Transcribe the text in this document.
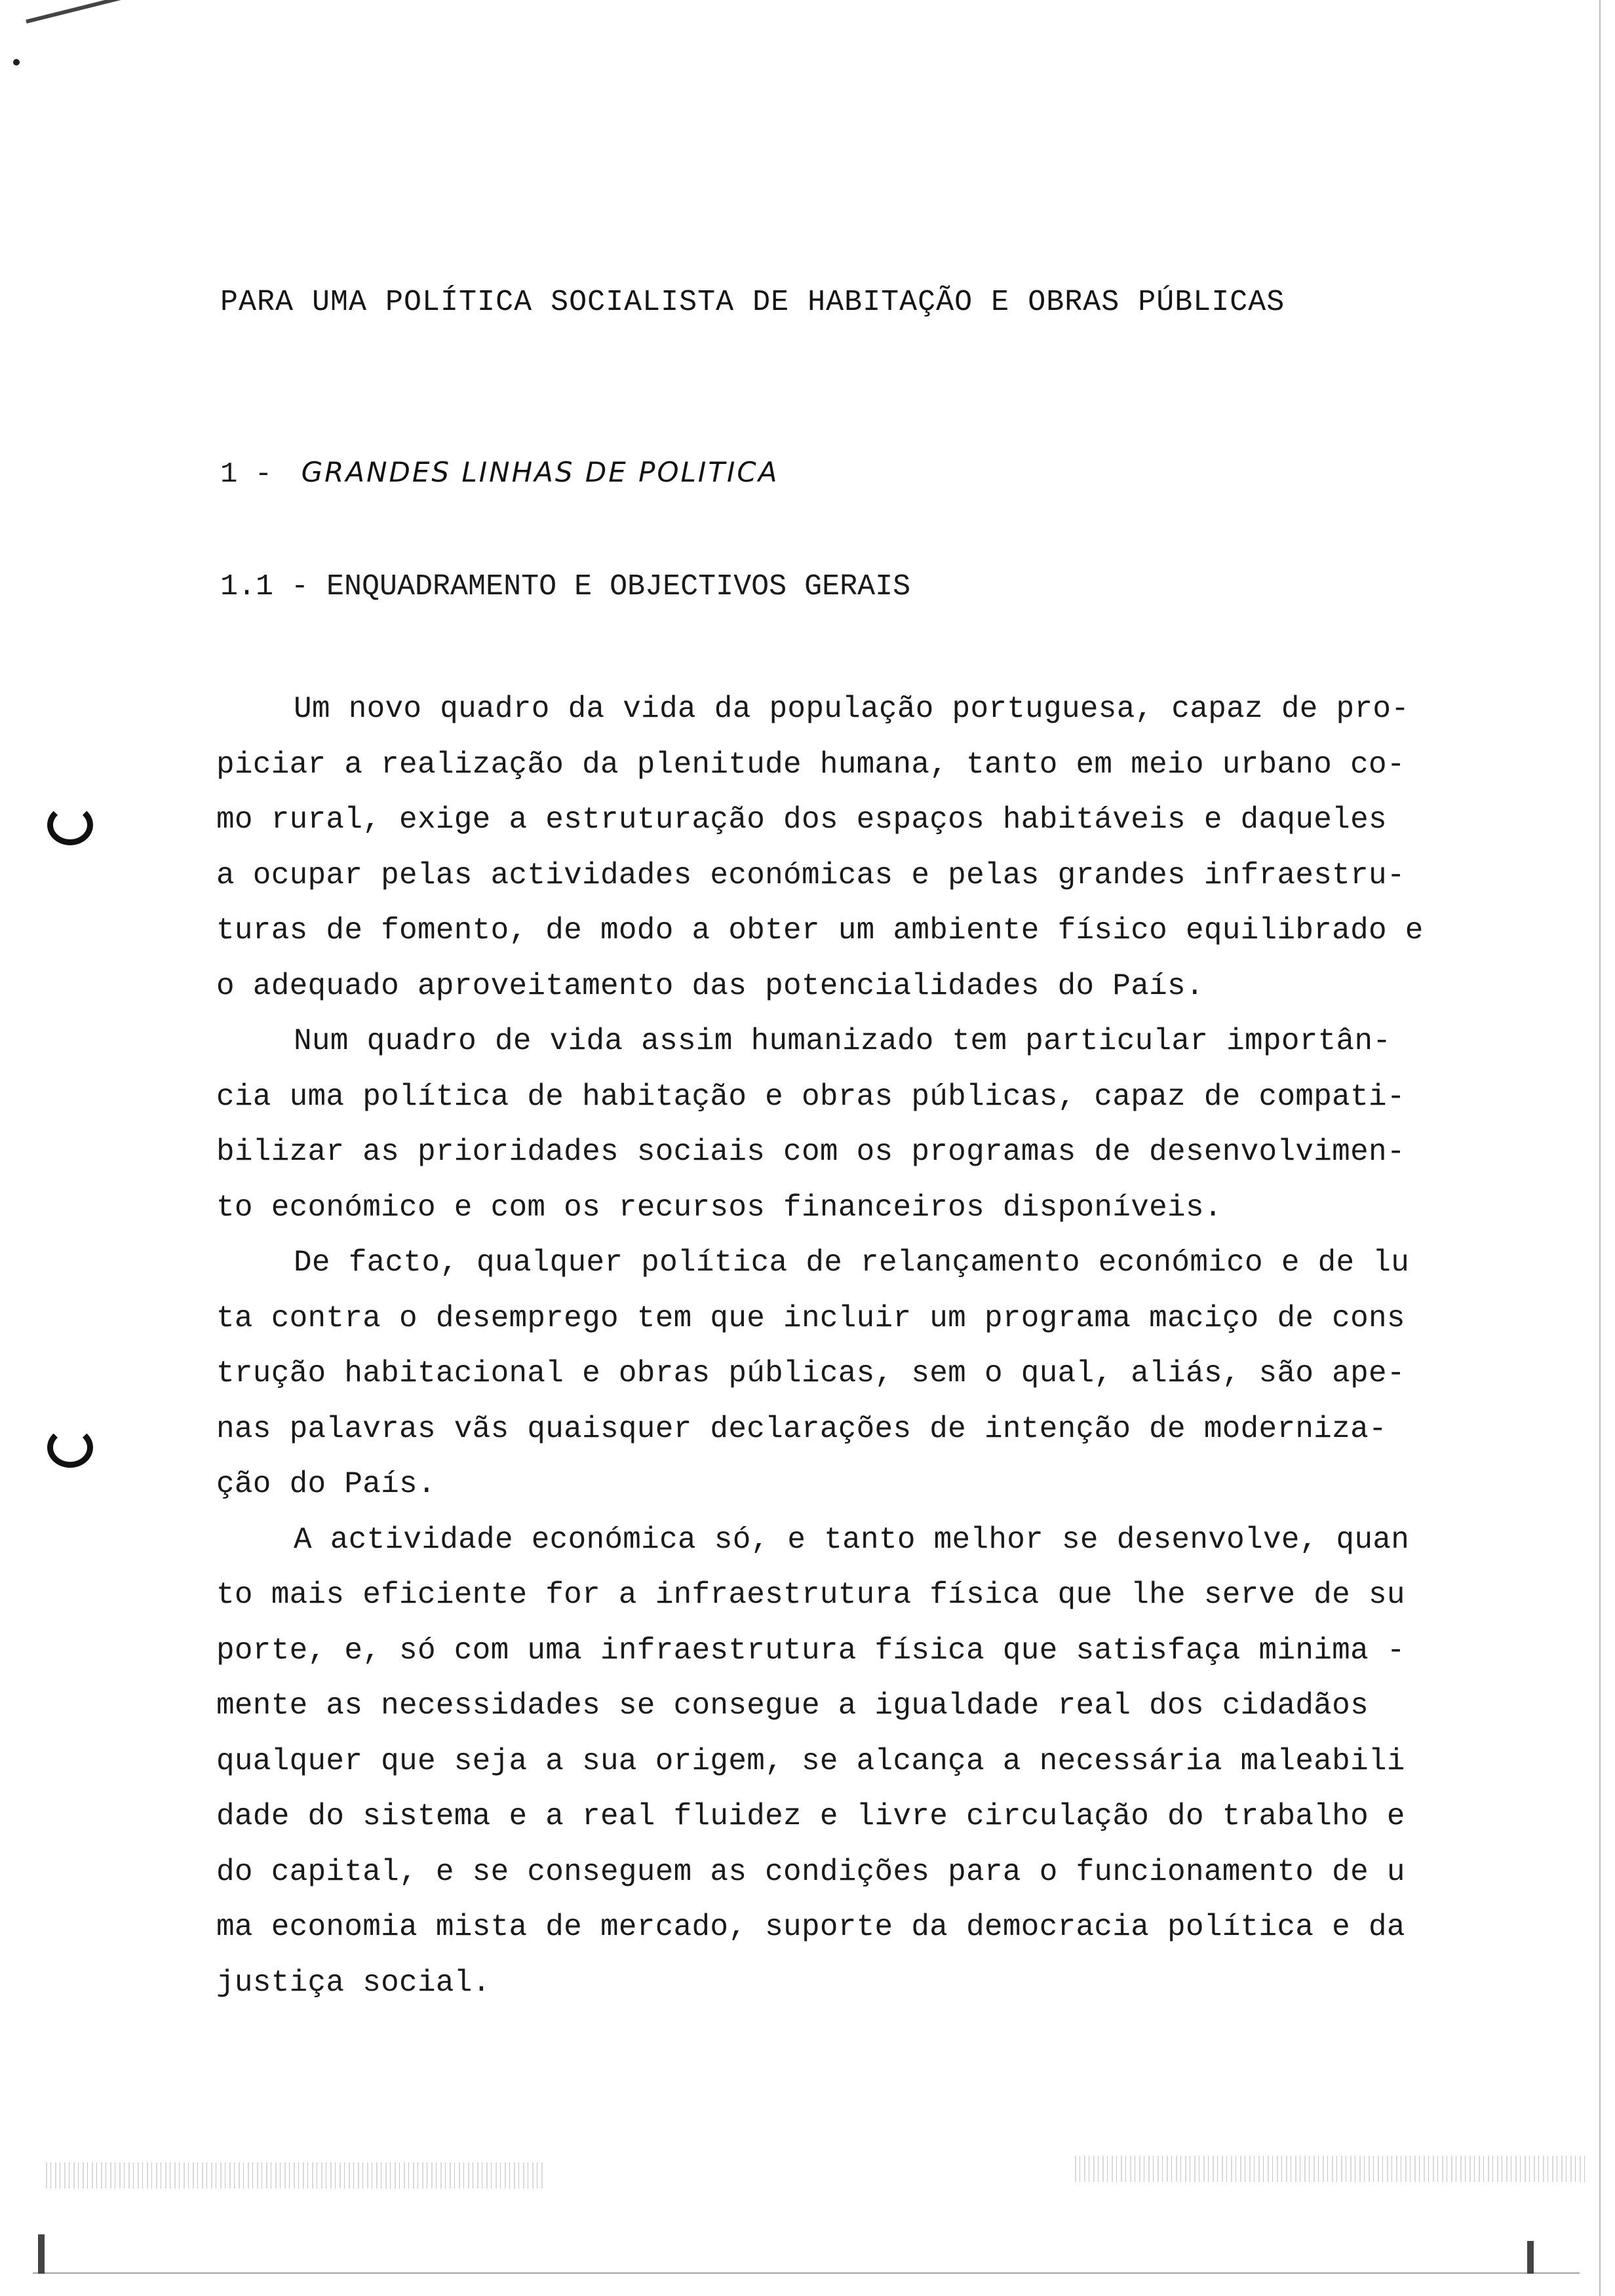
PARA UMA POLÍTICA SOCIALISTA DE HABITAÇÃO E OBRAS PÚBLICAS
1 - GRANDES LINHAS DE POLITICA
1.1 - ENQUADRAMENTO E OBJECTIVOS GERAIS
Um novo quadro da vida da população portuguesa, capaz de pro-
piciar a realização da plenitude humana, tanto em meio urbano co-
mo rural, exige a estruturação dos espaços habitáveis e daqueles
a ocupar pelas actividades económicas e pelas grandes infraestru-
turas de fomento, de modo a obter um ambiente físico equilibrado e
o adequado aproveitamento das potencialidades do País.
Num quadro de vida assim humanizado tem particular importân-
cia uma política de habitação e obras públicas, capaz de compati-
bilizar as prioridades sociais com os programas de desenvolvimen-
to económico e com os recursos financeiros disponíveis.
De facto, qualquer política de relançamento económico e de lu
ta contra o desemprego tem que incluir um programa maciço de cons
trução habitacional e obras públicas, sem o qual, aliás, são ape-
nas palavras vãs quaisquer declarações de intenção de moderniza-
ção do País.
A actividade económica só, e tanto melhor se desenvolve, quan
to mais eficiente for a infraestrutura física que lhe serve de su
porte, e, só com uma infraestrutura física que satisfaça minima -
mente as necessidades se consegue a igualdade real dos cidadãos
qualquer que seja a sua origem, se alcança a necessária maleabili
dade do sistema e a real fluidez e livre circulação do trabalho e
do capital, e se conseguem as condições para o funcionamento de u
ma economia mista de mercado, suporte da democracia política e da
justiça social.
